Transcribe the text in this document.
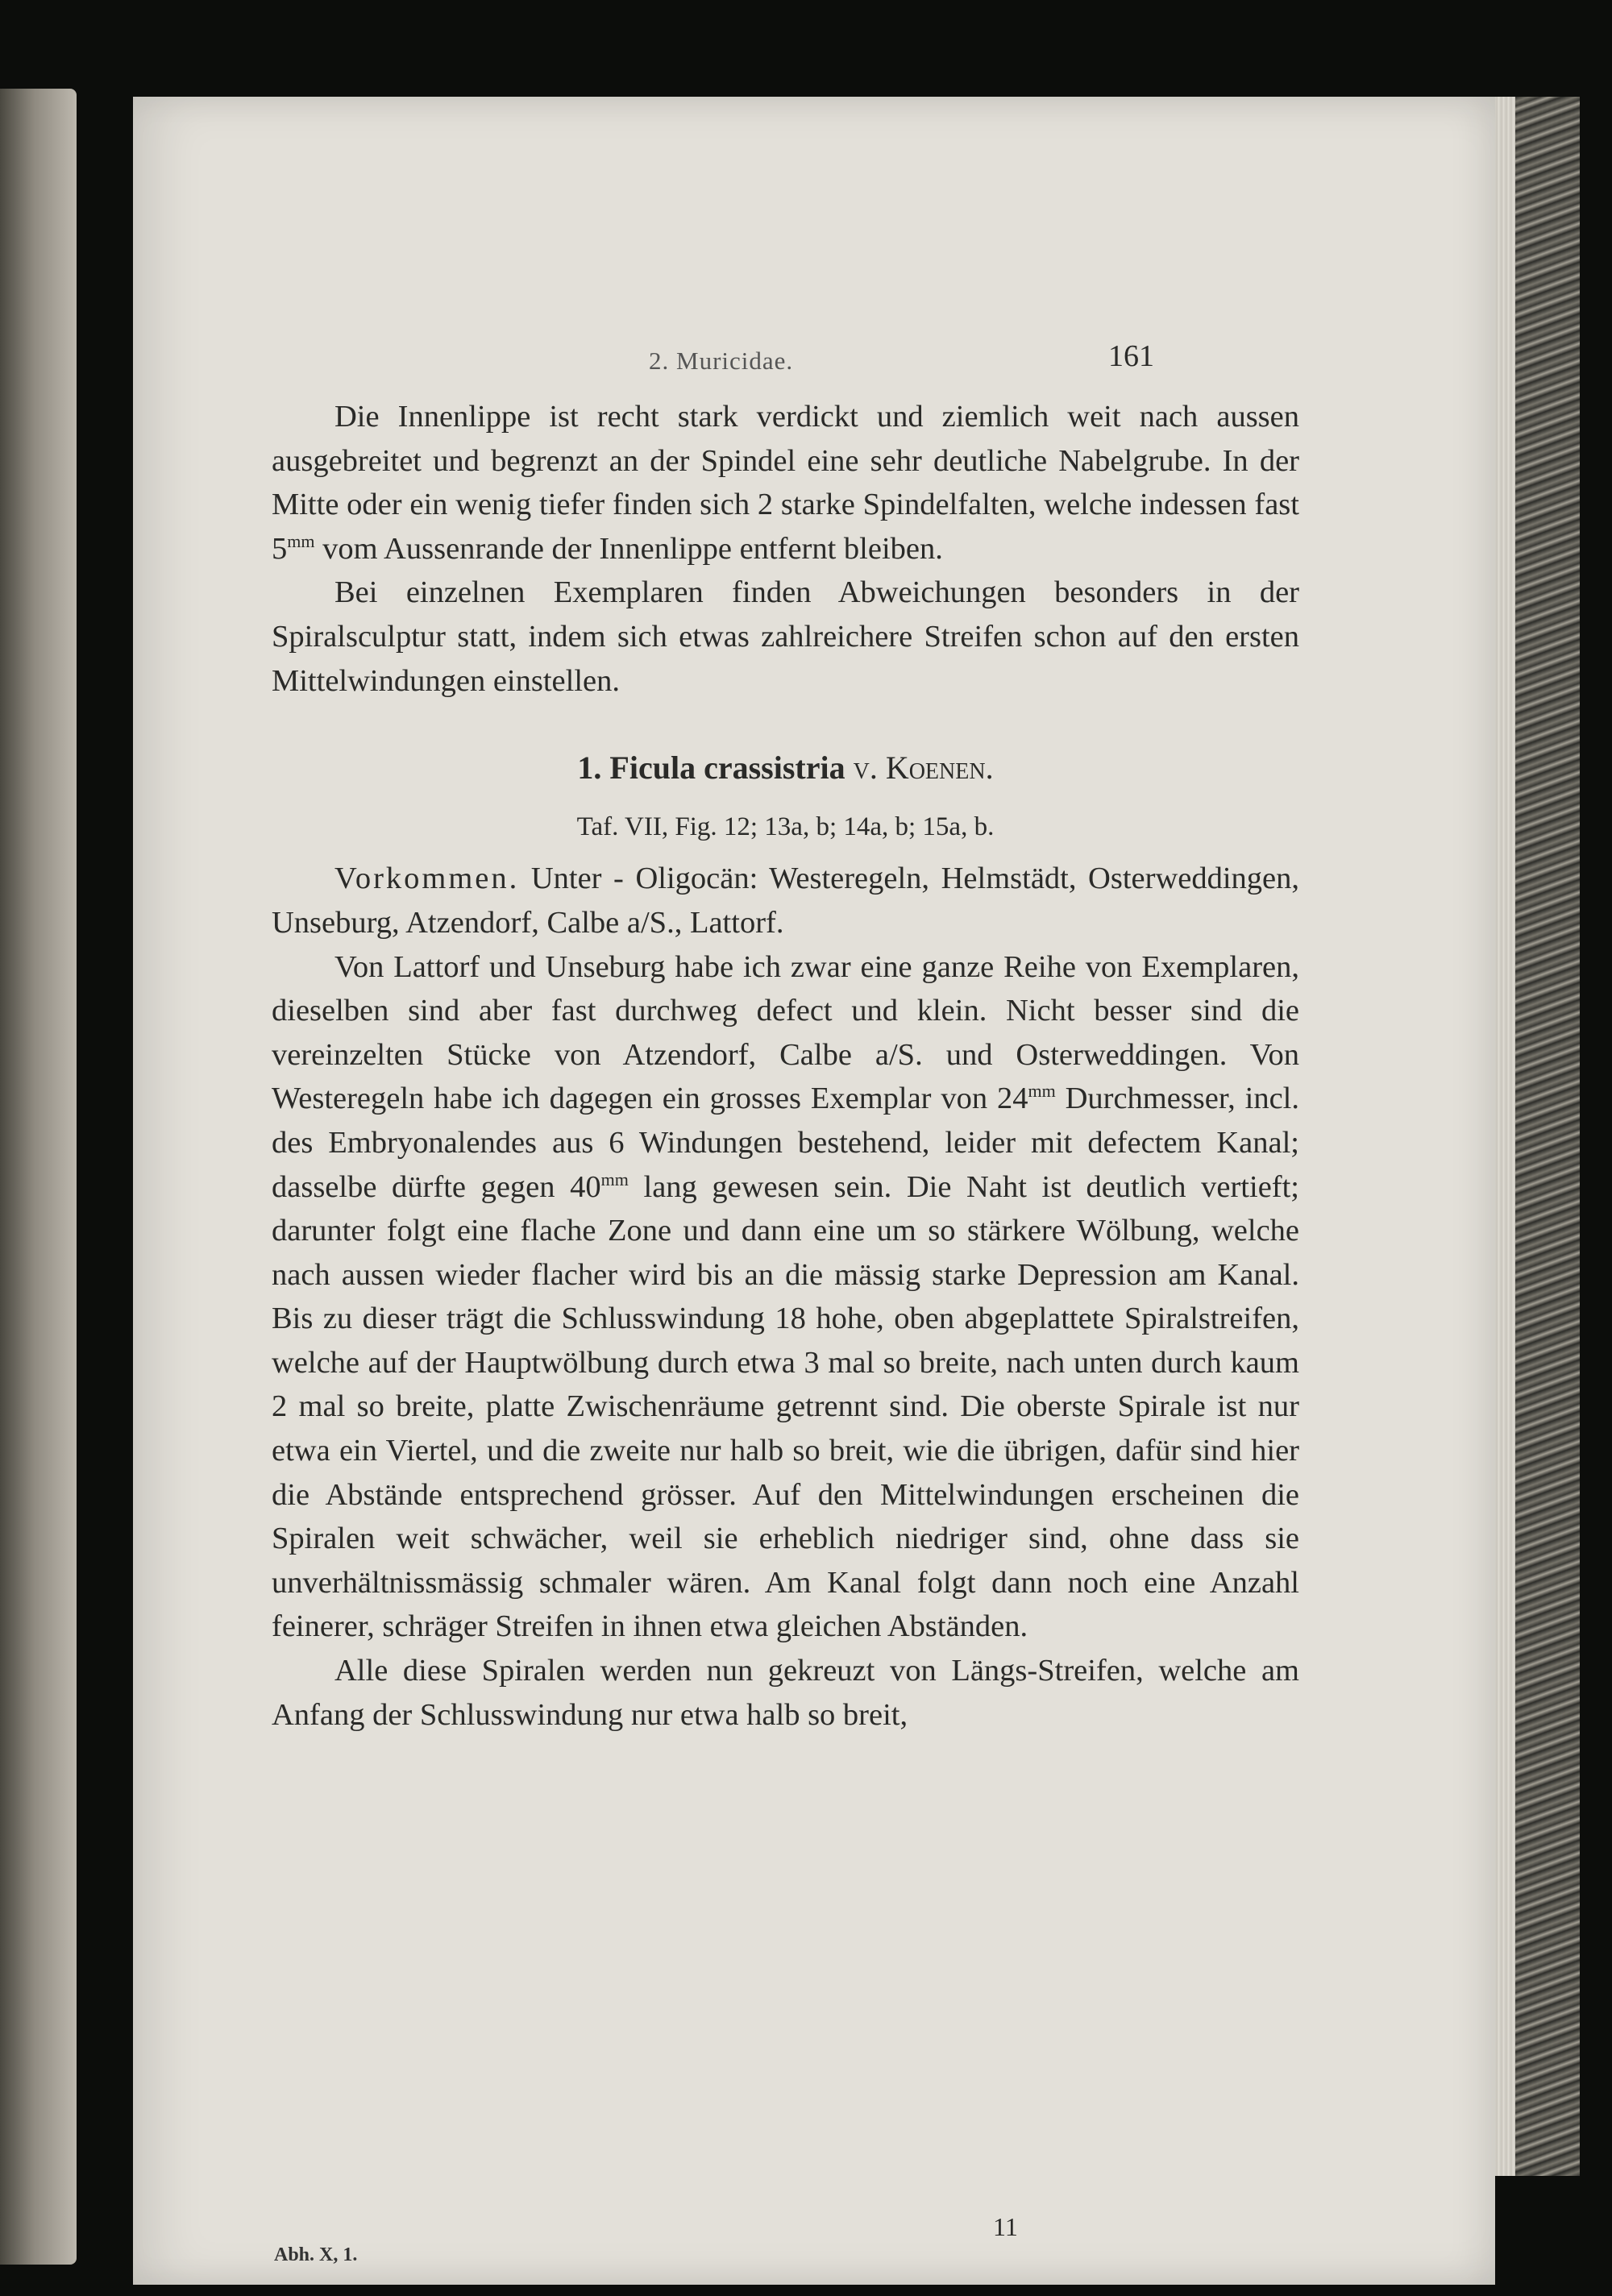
2. Muricidae.	161

Die Innenlippe ist recht stark verdickt und ziemlich weit nach aussen ausgebreitet und begrenzt an der Spindel eine sehr deutliche Nabelgrube. In der Mitte oder ein wenig tiefer finden sich 2 starke Spindelfalten, welche indessen fast $5^{mm}$ vom Aussenrande der Innenlippe entfernt bleiben.

Bei einzelnen Exemplaren finden Abweichungen besonders in der Spiralsculptur statt, indem sich etwas zahlreichere Streifen schon auf den ersten Mittelwindungen einstellen.

1. Ficula crassistria v. Koenen.

Taf. VII, Fig. 12; 13a, b; 14a, b; 15a, b.

Vorkommen. Unter - Oligocän: Westeregeln, Helmstädt, Osterweddingen, Unseburg, Atzendorf, Calbe a/S., Lattorf.

Von Lattorf und Unseburg habe ich zwar eine ganze Reihe von Exemplaren, dieselben sind aber fast durchweg defect und klein. Nicht besser sind die vereinzelten Stücke von Atzendorf, Calbe a/S. und Osterweddingen. Von Westeregeln habe ich dagegen ein grosses Exemplar von $24^{mm}$ Durchmesser, incl. des Embryonalendes aus 6 Windungen bestehend, leider mit defectem Kanal; dasselbe dürfte gegen $40^{mm}$ lang gewesen sein. Die Naht ist deutlich vertieft; darunter folgt eine flache Zone und dann eine um so stärkere Wölbung, welche nach aussen wieder flacher wird bis an die mässig starke Depression am Kanal. Bis zu dieser trägt die Schlusswindung 18 hohe, oben abgeplattete Spiralstreifen, welche auf der Hauptwölbung durch etwa 3 mal so breite, nach unten durch kaum 2 mal so breite, platte Zwischenräume getrennt sind. Die oberste Spirale ist nur etwa ein Viertel, und die zweite nur halb so breit, wie die übrigen, dafür sind hier die Abstände entsprechend grösser. Auf den Mittelwindungen erscheinen die Spiralen weit schwächer, weil sie erheblich niedriger sind, ohne dass sie unverhältnissmässig schmaler wären. Am Kanal folgt dann noch eine Anzahl feinerer, schräger Streifen in ihnen etwa gleichen Abständen.

Alle diese Spiralen werden nun gekreuzt von Längs-Streifen, welche am Anfang der Schlusswindung nur etwa halb so breit,

Abh. X, 1.
11
